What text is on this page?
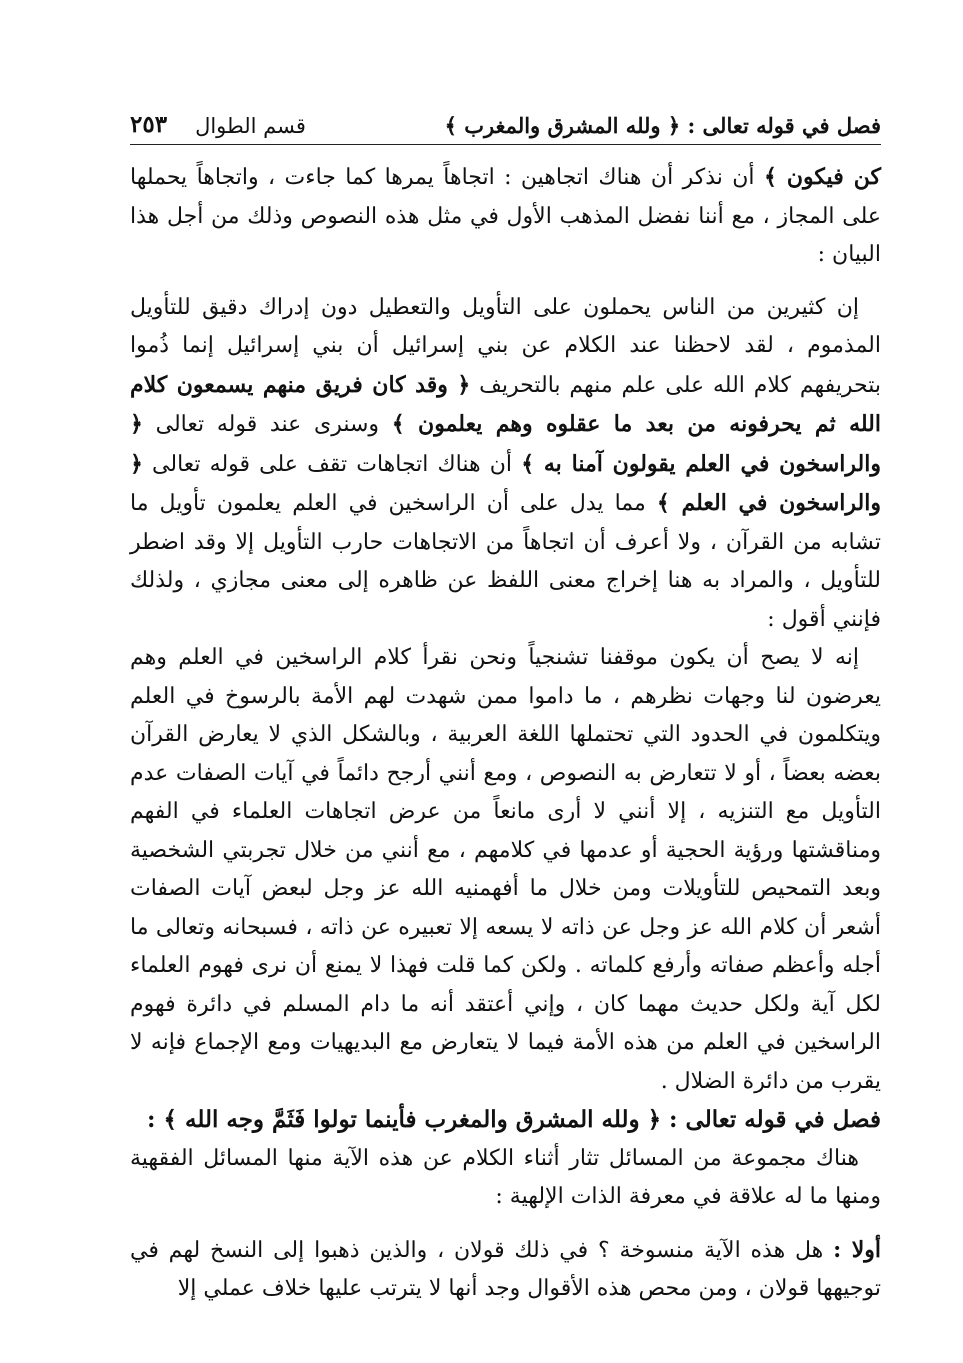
فصل في قوله تعالى : ﴿ ولله المشرق والمغرب ﴾
قسم الطوال
٢٥٣

كن فيكون ﴾ أن نذكر أن هناك اتجاهين : اتجاهاً يمرها كما جاءت ، واتجاهاً يحملها على المجاز ، مع أننا نفضل المذهب الأول في مثل هذه النصوص وذلك من أجل هذا البيان :

إن كثيرين من الناس يحملون على التأويل والتعطيل دون إدراك دقيق للتأويل المذموم ، لقد لاحظنا عند الكلام عن بني إسرائيل أن بني إسرائيل إنما ذُموا بتحريفهم كلام الله على علم منهم بالتحريف ﴿ وقد كان فريق منهم يسمعون كلام الله ثم يحرفونه من بعد ما عقلوه وهم يعلمون ﴾ وسنرى عند قوله تعالى ﴿ والراسخون في العلم يقولون آمنا به ﴾ أن هناك اتجاهات تقف على قوله تعالى ﴿ والراسخون في العلم ﴾ مما يدل على أن الراسخين في العلم يعلمون تأويل ما تشابه من القرآن ، ولا أعرف أن اتجاهاً من الاتجاهات حارب التأويل إلا وقد اضطر للتأويل ، والمراد به هنا إخراج معنى اللفظ عن ظاهره إلى معنى مجازي ، ولذلك فإنني أقول :

إنه لا يصح أن يكون موقفنا تشنجياً ونحن نقرأ كلام الراسخين في العلم وهم يعرضون لنا وجهات نظرهم ، ما داموا ممن شهدت لهم الأمة بالرسوخ في العلم ويتكلمون في الحدود التي تحتملها اللغة العربية ، وبالشكل الذي لا يعارض القرآن بعضه بعضاً ، أو لا تتعارض به النصوص ، ومع أنني أرجح دائماً في آيات الصفات عدم التأويل مع التنزيه ، إلا أنني لا أرى مانعاً من عرض اتجاهات العلماء في الفهم ومناقشتها ورؤية الحجية أو عدمها في كلامهم ، مع أنني من خلال تجربتي الشخصية وبعد التمحيص للتأويلات ومن خلال ما أفهمنيه الله عز وجل لبعض آيات الصفات أشعر أن كلام الله عز وجل عن ذاته لا يسعه إلا تعبيره عن ذاته ، فسبحانه وتعالى ما أجله وأعظم صفاته وأرفع كلماته . ولكن كما قلت فهذا لا يمنع أن نرى فهوم العلماء لكل آية ولكل حديث مهما كان ، وإني أعتقد أنه ما دام المسلم في دائرة فهوم الراسخين في العلم من هذه الأمة فيما لا يتعارض مع البديهيات ومع الإجماع فإنه لا يقرب من دائرة الضلال .

فصل في قوله تعالى : ﴿ ولله المشرق والمغرب فأينما تولوا فَثَمَّ وجه الله ﴾ :

هناك مجموعة من المسائل تثار أثناء الكلام عن هذه الآية منها المسائل الفقهية ومنها ما له علاقة في معرفة الذات الإلهية :

أولا : هل هذه الآية منسوخة ؟ في ذلك قولان ، والذين ذهبوا إلى النسخ لهم في توجيهها قولان ، ومن محص هذه الأقوال وجد أنها لا يترتب عليها خلاف عملي إلا
